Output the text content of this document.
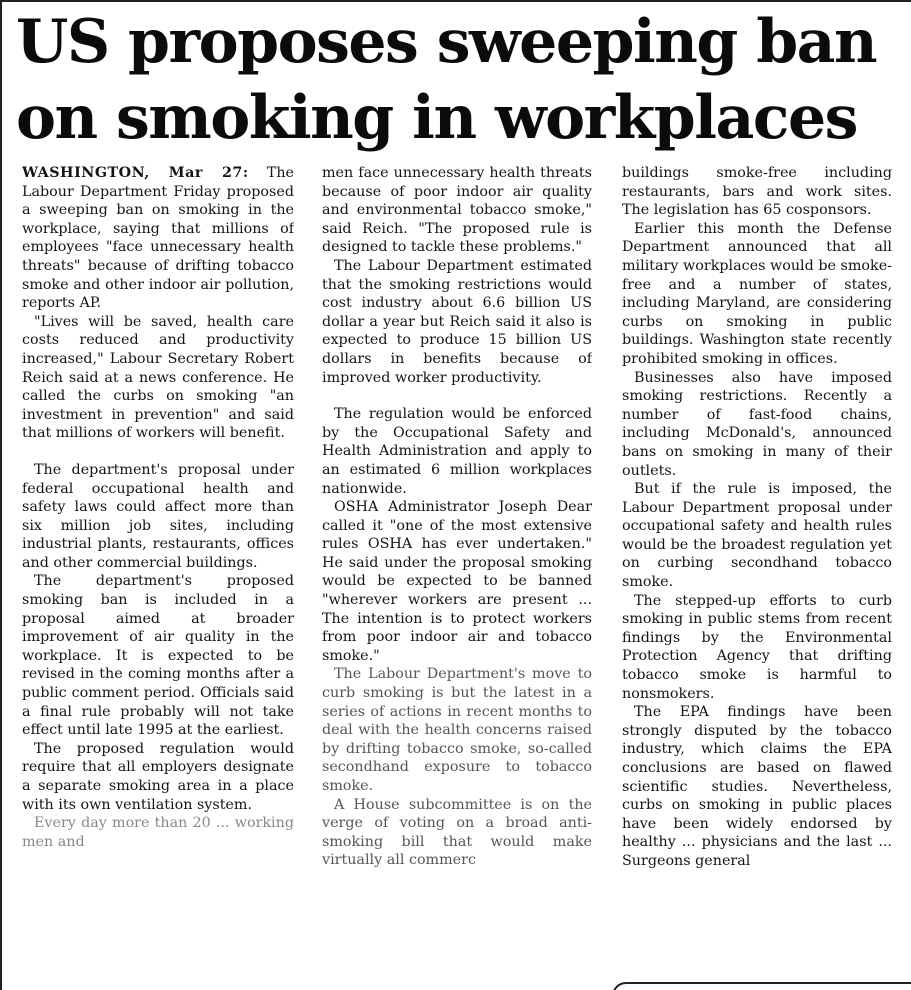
US proposes sweeping ban
on smoking in workplaces

WASHINGTON, Mar 27: The Labour Department Friday proposed a sweeping ban on smoking in the workplace, saying that millions of employees "face unnecessary health threats" because of drifting tobacco smoke and other indoor air pollution, reports AP.

"Lives will be saved, health care costs reduced and productivity increased," Labour Secretary Robert Reich said at a news conference. He called the curbs on smoking "an investment in prevention" and said that millions of workers will benefit.

The department's proposal under federal occupational health and safety laws could affect more than six million job sites, including industrial plants, restaurants, offices and other commercial buildings.

The department's proposed smoking ban is included in a proposal aimed at broader improvement of air quality in the workplace. It is expected to be revised in the coming months after a public comment period. Officials said a final rule probably will not take effect until late 1995 at the earliest.

The proposed regulation would require that all employers designate a separate smoking area in a place with its own ventilation system.

Every day more than 20 ... working men and

men face unnecessary health threats because of poor indoor air quality and environmental tobacco smoke," said Reich. "The proposed rule is designed to tackle these problems."

The Labour Department estimated that the smoking restrictions would cost industry about 6.6 billion US dollar a year but Reich said it also is expected to produce 15 billion US dollars in benefits because of improved worker productivity.

The regulation would be enforced by the Occupational Safety and Health Administration and apply to an estimated 6 million workplaces nationwide.

OSHA Administrator Joseph Dear called it "one of the most extensive rules OSHA has ever undertaken." He said under the proposal smoking would be expected to be banned "wherever workers are present ... The intention is to protect workers from poor indoor air and tobacco smoke."

The Labour Department's move to curb smoking is but the latest in a series of actions in recent months to deal with the health concerns raised by drifting tobacco smoke, so-called secondhand exposure to tobacco smoke.

A House subcommittee is on the verge of voting on a broad anti-smoking bill that would make virtually all commerc

buildings smoke-free including restaurants, bars and work sites. The legislation has 65 cosponsors.

Earlier this month the Defense Department announced that all military workplaces would be smoke-free and a number of states, including Maryland, are considering curbs on smoking in public buildings. Washington state recently prohibited smoking in offices.

Businesses also have imposed smoking restrictions. Recently a number of fast-food chains, including McDonald's, announced bans on smoking in many of their outlets.

But if the rule is imposed, the Labour Department proposal under occupational safety and health rules would be the broadest regulation yet on curbing secondhand tobacco smoke.

The stepped-up efforts to curb smoking in public stems from recent findings by the Environmental Protection Agency that drifting tobacco smoke is harmful to nonsmokers.

The EPA findings have been strongly disputed by the tobacco industry, which claims the EPA conclusions are based on flawed scientific studies. Nevertheless, curbs on smoking in public places have been widely endorsed by healthy ... physicians and the last ... Surgeons general
